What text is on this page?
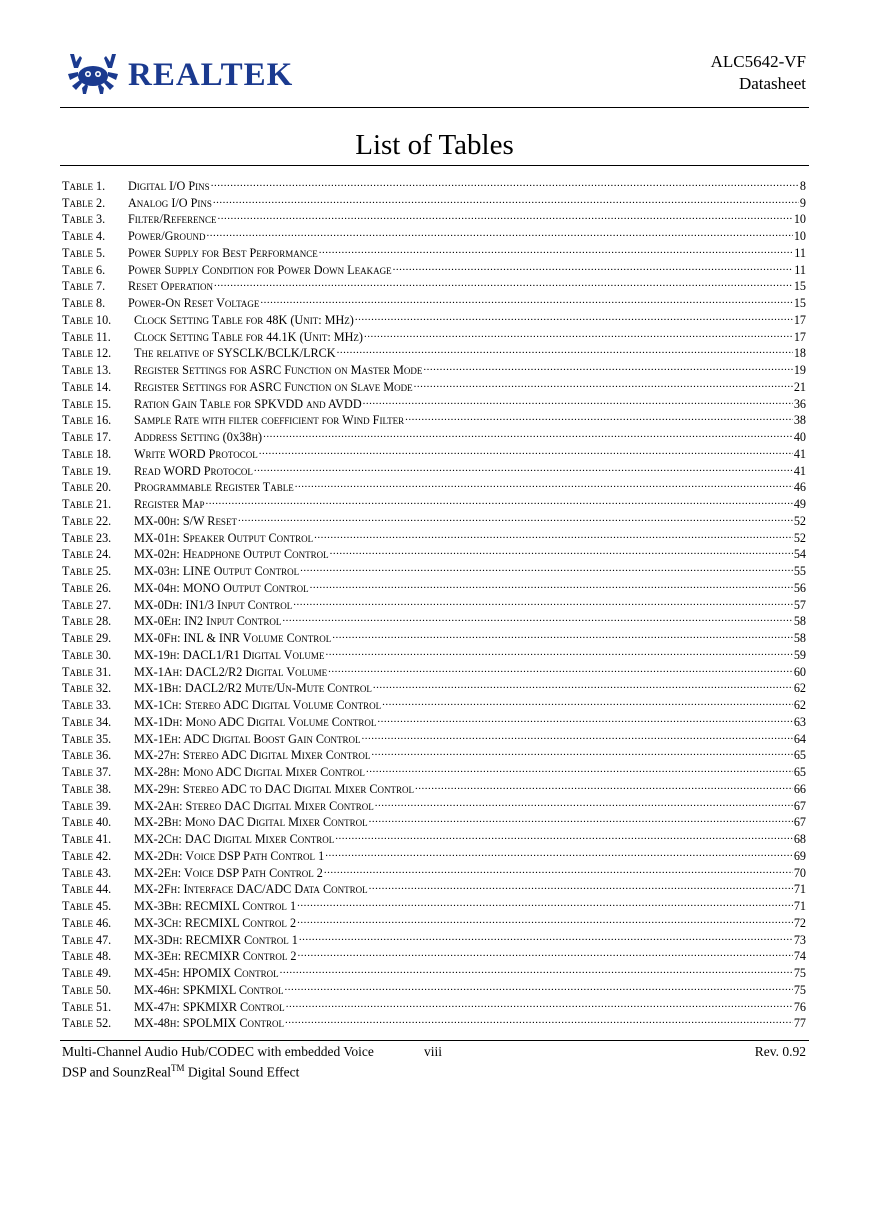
REALTEK	ALC5642-VF
Datasheet
List of Tables
Table 1.	Digital I/O Pins .....	8
Table 2.	Analog I/O Pins .....	9
Table 3.	Filter/Reference .....	10
Table 4.	Power/Ground .....	10
Table 5.	Power Supply for Best Performance .....	11
Table 6.	Power Supply Condition for Power Down Leakage .....	11
Table 7.	Reset Operation .....	15
Table 8.	Power-On Reset Voltage .....	15
Table 10.	Clock Setting Table for 48K (Unit: MHz) .....	17
Table 11.	Clock Setting Table for 44.1K (Unit: MHz) .....	17
Table 12.	The relative of SYSCLK/BCLK/LRCK .....	18
Table 13.	Register Settings for ASRC Function on Master Mode .....	19
Table 14.	Register Settings for ASRC Function on Slave Mode .....	21
Table 15.	Ration Gain Table for SPKVDD and AVDD .....	36
Table 16.	Sample Rate with filter coefficient for Wind Filter .....	38
Table 17.	Address Setting (0x38h) .....	40
Table 18.	Write WORD Protocol .....	41
Table 19.	Read WORD Protocol .....	41
Table 20.	Programmable Register Table .....	46
Table 21.	Register Map .....	49
Table 22.	MX-00h: S/W Reset .....	52
Table 23.	MX-01h: Speaker Output Control .....	52
Table 24.	MX-02h: Headphone Output Control .....	54
Table 25.	MX-03h: LINE Output Control .....	55
Table 26.	MX-04h: MONO Output Control .....	56
Table 27.	MX-0Dh: IN1/3 Input Control .....	57
Table 28.	MX-0Eh: IN2 Input Control .....	58
Table 29.	MX-0Fh: INL & INR Volume Control .....	58
Table 30.	MX-19h: DACL1/R1 Digital Volume .....	59
Table 31.	MX-1Ah: DACL2/R2 Digital Volume .....	60
Table 32.	MX-1Bh: DACL2/R2 Mute/Un-Mute Control .....	62
Table 33.	MX-1Ch: Stereo ADC Digital Volume Control .....	62
Table 34.	MX-1Dh: Mono ADC Digital Volume Control .....	63
Table 35.	MX-1Eh: ADC Digital Boost Gain Control .....	64
Table 36.	MX-27h: Stereo ADC Digital Mixer Control .....	65
Table 37.	MX-28h: Mono ADC Digital Mixer Control .....	65
Table 38.	MX-29h: Stereo ADC to DAC Digital Mixer Control .....	66
Table 39.	MX-2Ah: Stereo DAC Digital Mixer Control .....	67
Table 40.	MX-2Bh: Mono DAC Digital Mixer Control .....	67
Table 41.	MX-2Ch: DAC Digital Mixer Control .....	68
Table 42.	MX-2Dh: Voice DSP Path Control 1 .....	69
Table 43.	MX-2Eh: Voice DSP Path Control 2 .....	70
Table 44.	MX-2Fh: Interface DAC/ADC Data Control .....	71
Table 45.	MX-3Bh: RECMIXL Control 1 .....	71
Table 46.	MX-3Ch: RECMIXL Control 2 .....	72
Table 47.	MX-3Dh: RECMIXR Control 1 .....	73
Table 48.	MX-3Eh: RECMIXR Control 2 .....	74
Table 49.	MX-45h: HPOMIX Control .....	75
Table 50.	MX-46h: SPKMIXL Control .....	75
Table 51.	MX-47h: SPKMIXR Control .....	76
Table 52.	MX-48h: SPOLMIX Control .....	77
Multi-Channel Audio Hub/CODEC with embedded Voice
DSP and SounzReal™ Digital Sound Effect
viii	Rev. 0.92
